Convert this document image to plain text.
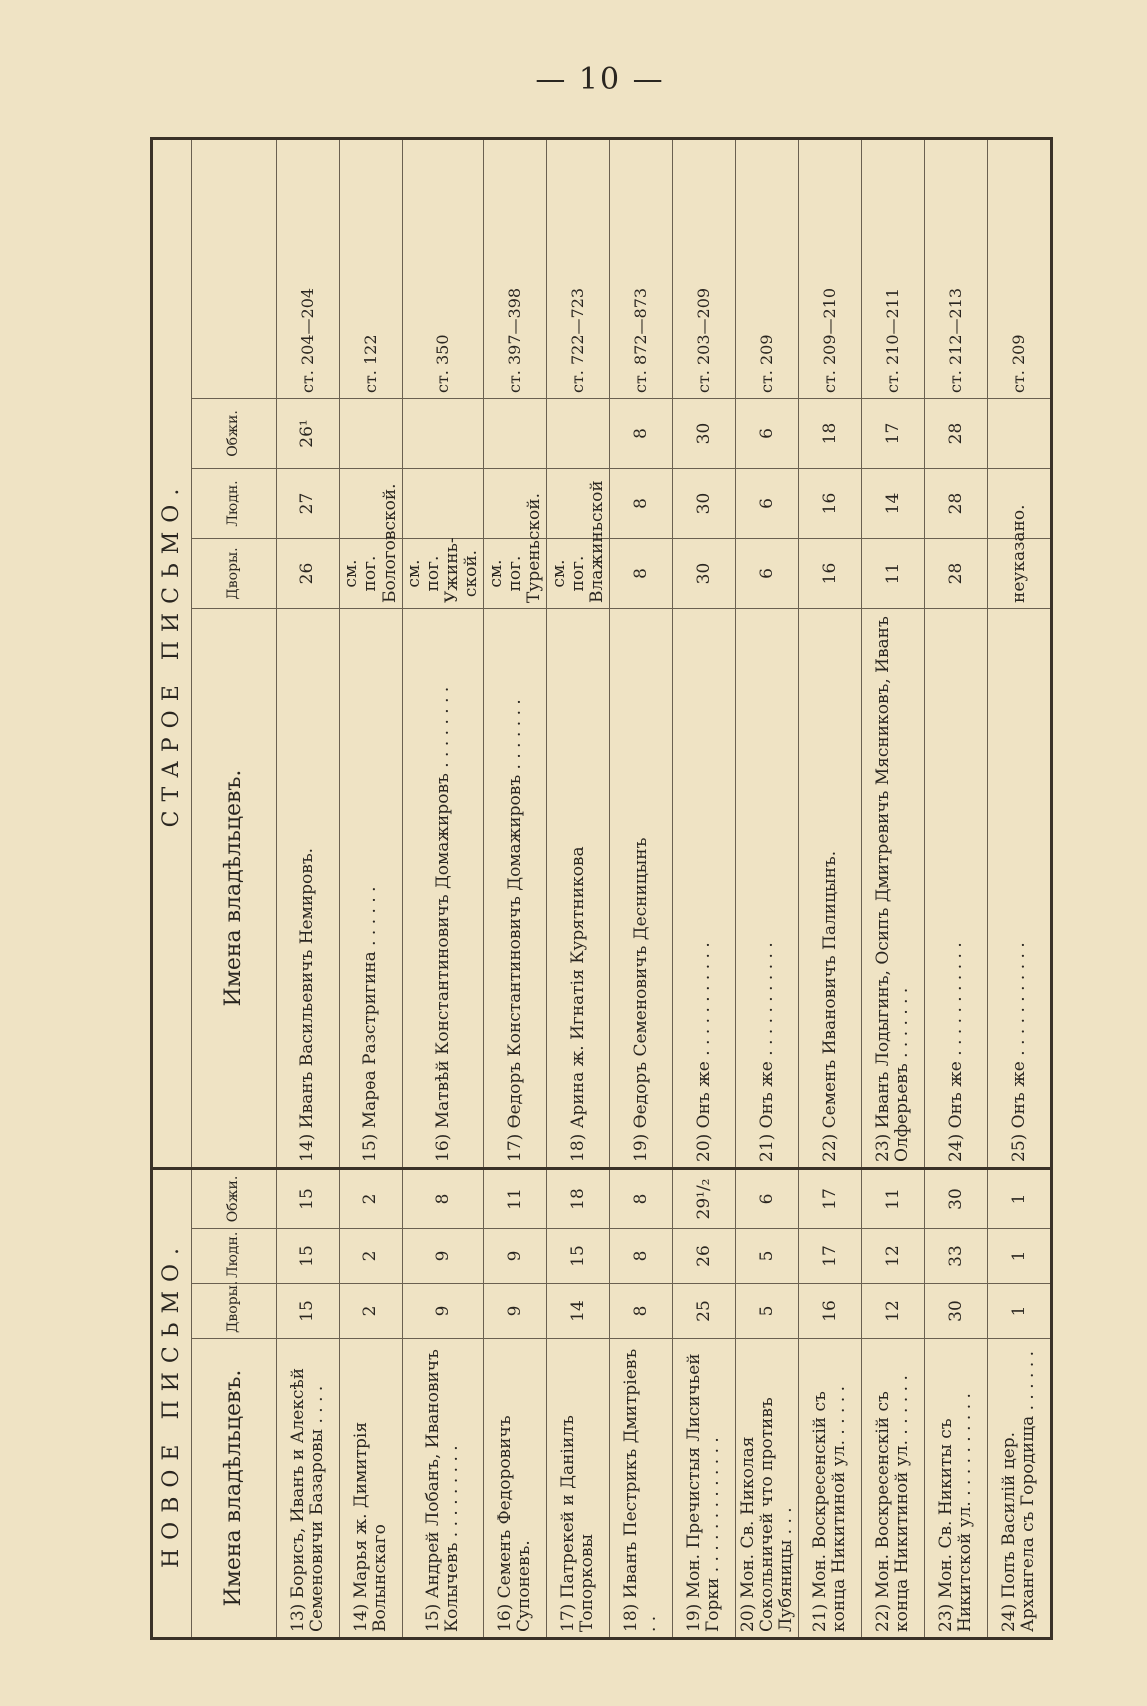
— 10 —
НОВОЕ ПИСЬМО.				СТАРОЕ ПИСЬМО.				
Имена владѣльцевъ.	Дворы.	Людн.	Обжи.	Имена владѣльцевъ.	Дворы.	Людн.	Обжи.	
13) Борисъ, Иванъ и Алексѣй Семеновичи Базаровы . . . .	15	15	15	14) Иванъ Васильевичъ Немировъ.	26	27	26¹	ст. 204—204
14) Марья ж. Димитрія Волынскаго	2	2	2	15) Марѳа Разстригина . . . . . .	см. пог. Бологовской.			ст. 122
15) Андрей Лобанъ, Ивановичъ Колычевъ . . . . . . . . .	9	9	8	16) Матвѣй Константиновичъ Домажировъ . . . . . . . .	см. пог. Ужинь-ской.			ст. 350
16) Семенъ Федоровичъ Супоневъ.	9	9	11	17) Ѳедоръ Константиновичъ Домажировъ . . . . . . .	см. пог. Туреньской.			ст. 397—398
17) Патрекей и Даніилъ Топорковы	14	15	18	18) Арина ж. Игнатія Курятникова	см. пог. Влажиньской			ст. 722—723
18) Иванъ Пестрикъ Дмитріевъ . .	8	8	8	19) Ѳедоръ Семеновичъ Десницынъ	8	8	8	ст. 872—873
19) Мон. Пречистыя Лисичьей Горки . . . . . . . . . . . . .	25	26	29¹/₂	20) Онъ же . . . . . . . . . . .	30	30	30	ст. 203—209
20) Мон. Св. Николая Сокольничей что противъ Лубяницы . . .	5	5	6	21) Онъ же . . . . . . . . . . .	6	6	6	ст. 209
21) Мон. Воскресенскій съ конца Никитиной ул. . . . . .	16	17	17	22) Семенъ Ивановичъ Палицынъ.	16	16	18	ст. 209—210
22) Мон. Воскресенскій съ конца Никитиной ул. . . . . . .	12	12	11	23) Иванъ Лодыгинъ, Осипъ Дмитревичъ Мясниковъ, Иванъ Олферьевъ . . . . . . .	11	14	17	ст. 210—211
23) Мон. Св. Никиты съ Никитской ул. . . . . . . . . . .	30	33	30	24) Онъ же . . . . . . . . . . .	28	28	28	ст. 212—213
24) Попъ Василій цер. Архангела съ Городища . . . . . .	1	1	1	25) Онъ же . . . . . . . . . . .	неуказано.			ст. 209
